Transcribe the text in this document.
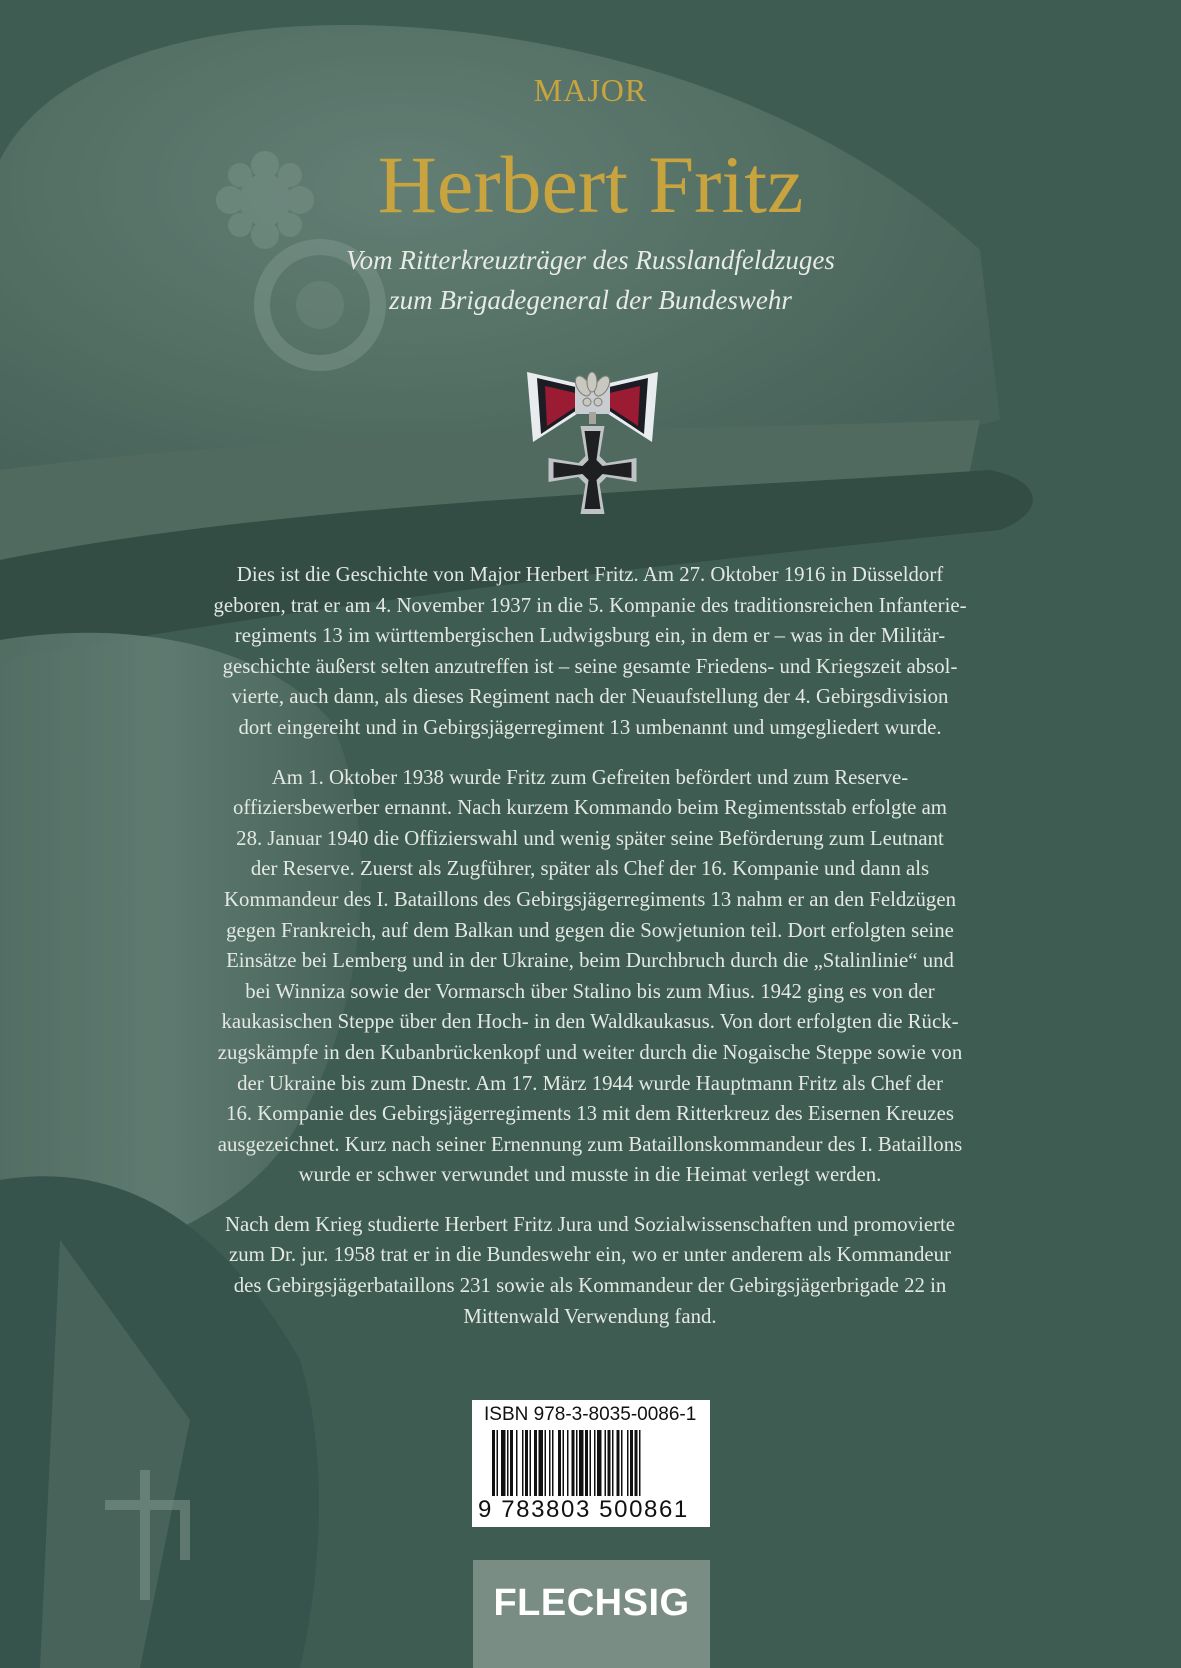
MAJOR
Herbert Fritz
Vom Ritterkreuzträger des Russlandfeldzuges
zum Brigadegeneral der Bundeswehr

Dies ist die Geschichte von Major Herbert Fritz. Am 27. Oktober 1916 in Düsseldorf
geboren, trat er am 4. November 1937 in die 5. Kompanie des traditionsreichen Infanterie-
regiments 13 im württembergischen Ludwigsburg ein, in dem er – was in der Militär-
geschichte äußerst selten anzutreffen ist – seine gesamte Friedens- und Kriegszeit absol-
vierte, auch dann, als dieses Regiment nach der Neuaufstellung der 4. Gebirgsdivision
dort eingereiht und in Gebirgsjägerregiment 13 umbenannt und umgegliedert wurde.

Am 1. Oktober 1938 wurde Fritz zum Gefreiten befördert und zum Reserve-
offiziersbewerber ernannt. Nach kurzem Kommando beim Regimentsstab erfolgte am
28. Januar 1940 die Offizierswahl und wenig später seine Beförderung zum Leutnant
der Reserve. Zuerst als Zugführer, später als Chef der 16. Kompanie und dann als
Kommandeur des I. Bataillons des Gebirgsjägerregiments 13 nahm er an den Feldzügen
gegen Frankreich, auf dem Balkan und gegen die Sowjetunion teil. Dort erfolgten seine
Einsätze bei Lemberg und in der Ukraine, beim Durchbruch durch die „Stalinlinie“ und
bei Winniza sowie der Vormarsch über Stalino bis zum Mius. 1942 ging es von der
kaukasischen Steppe über den Hoch- in den Waldkaukasus. Von dort erfolgten die Rück-
zugskämpfe in den Kubanbrückenkopf und weiter durch die Nogaische Steppe sowie von
der Ukraine bis zum Dnestr. Am 17. März 1944 wurde Hauptmann Fritz als Chef der
16. Kompanie des Gebirgsjägerregiments 13 mit dem Ritterkreuz des Eisernen Kreuzes
ausgezeichnet. Kurz nach seiner Ernennung zum Bataillonskommandeur des I. Bataillons
wurde er schwer verwundet und musste in die Heimat verlegt werden.

Nach dem Krieg studierte Herbert Fritz Jura und Sozialwissenschaften und promovierte
zum Dr. jur. 1958 trat er in die Bundeswehr ein, wo er unter anderem als Kommandeur
des Gebirgsjägerbataillons 231 sowie als Kommandeur der Gebirgsjägerbrigade 22 in
Mittenwald Verwendung fand.

ISBN 978-3-8035-0086-1
9 783803 500861
FLECHSIG
